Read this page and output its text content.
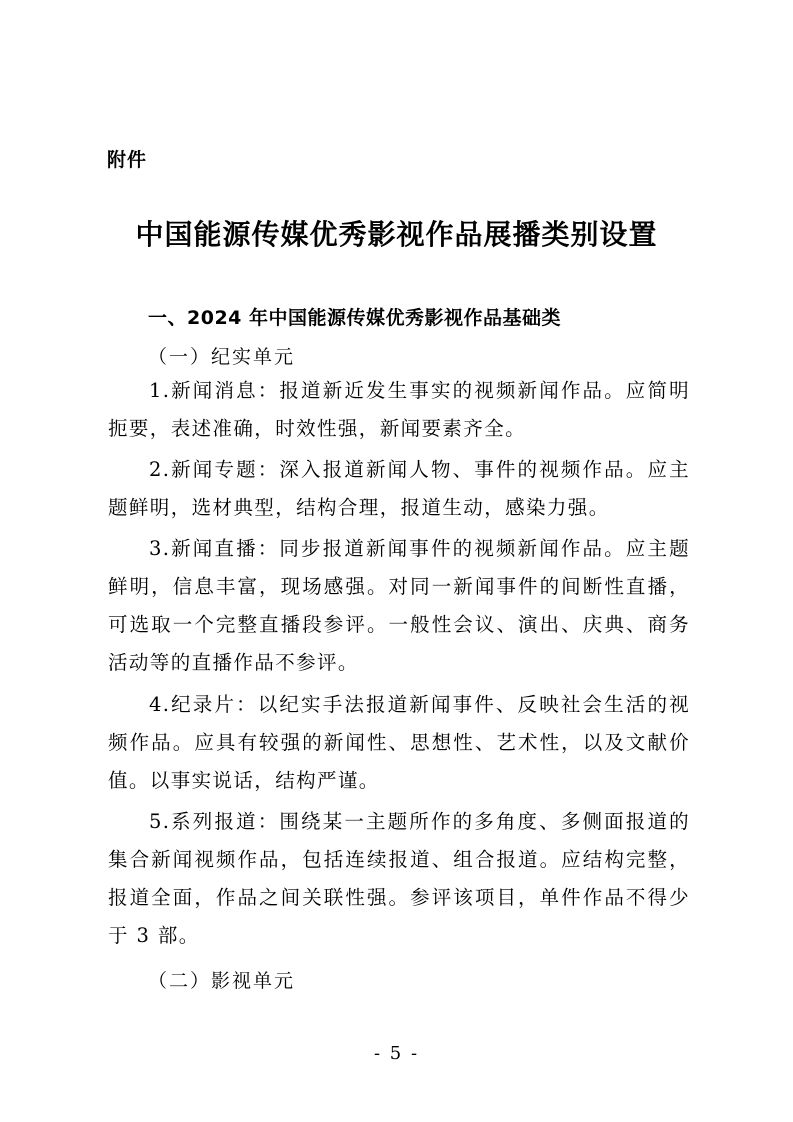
附件
中国能源传媒优秀影视作品展播类别设置
一、2024 年中国能源传媒优秀影视作品基础类
（一）纪实单元

1.新闻消息：报道新近发生事实的视频新闻作品。应简明扼要，表述准确，时效性强，新闻要素齐全。

2.新闻专题：深入报道新闻人物、事件的视频作品。应主题鲜明，选材典型，结构合理，报道生动，感染力强。

3.新闻直播：同步报道新闻事件的视频新闻作品。应主题鲜明，信息丰富，现场感强。对同一新闻事件的间断性直播，可选取一个完整直播段参评。一般性会议、演出、庆典、商务活动等的直播作品不参评。

4.纪录片：以纪实手法报道新闻事件、反映社会生活的视频作品。应具有较强的新闻性、思想性、艺术性，以及文献价值。以事实说话，结构严谨。

5.系列报道：围绕某一主题所作的多角度、多侧面报道的集合新闻视频作品，包括连续报道、组合报道。应结构完整，报道全面，作品之间关联性强。参评该项目，单件作品不得少于 3 部。

（二）影视单元
- 5 -
